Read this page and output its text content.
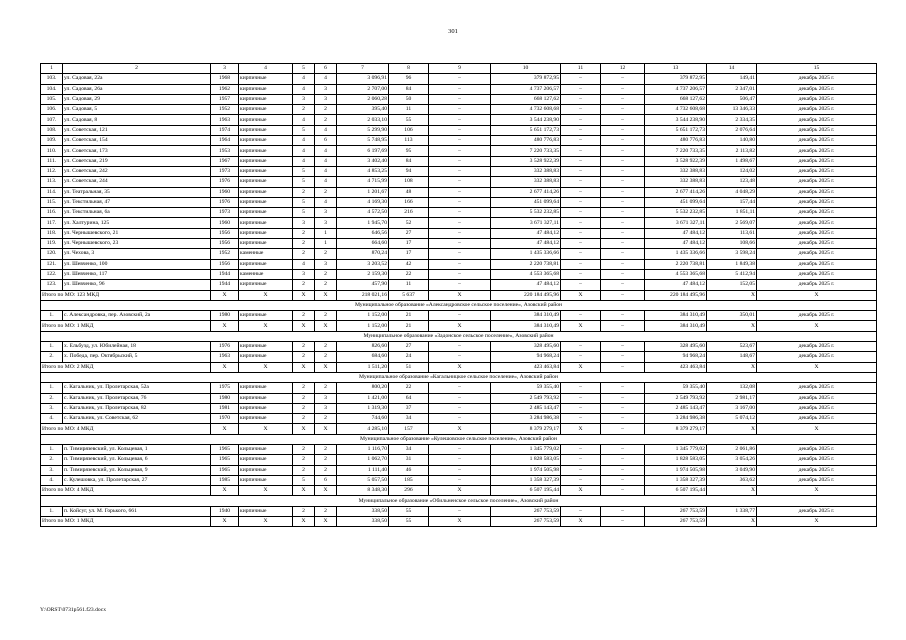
301
1	2	3	4	5	6	7	8	9	10	11	12	13	14	15
103.	ул. Садовая, 22а	1968	кирпичные	4	4	3 096,91	96	–	379 872,95	–	–	379 872,95	149,41	декабрь 2025 г.
104.	ул. Садовая, 26а	1962	кирпичные	4	3	2 707,00	84	–	4 737 206,57	–	–	4 737 206,57	2 347,01	декабрь 2025 г.
105.	ул. Садовая, 29	1957	кирпичные	3	3	2 060,28	50	–	668 127,62	–	–	668 127,62	506,47	декабрь 2025 г.
106.	ул. Садовая, 5	1952	кирпичные	2	2	395,40	11	–	4 732 608,68	–	–	4 732 608,68	13 346,33	декабрь 2025 г.
107.	ул. Садовая, 8	1963	кирпичные	4	2	2 033,10	55	–	3 544 238,90	–	–	3 544 238,90	2 334,35	декабрь 2025 г.
108.	ул. Советская, 121	1974	кирпичные	5	4	5 299,90	106	–	5 651 172,73	–	–	5 651 172,73	2 076,64	декабрь 2025 г.
109.	ул. Советская, 154	1964	кирпичные	4	6	5 748,95	113	–	480 776,83	–	–	480 776,83	140,80	декабрь 2025 г.
110.	ул. Советская, 173	1953	кирпичные	4	4	6 197,69	95	–	7 220 733,35	–	–	7 220 733,35	2 113,82	декабрь 2025 г.
111.	ул. Советская, 219	1967	кирпичные	4	4	3 402,40	84	–	3 528 922,39	–	–	3 528 922,39	1 498,67	декабрь 2025 г.
112.	ул. Советская, 242	1973	кирпичные	5	4	4 853,25	94	–	332 388,83	–	–	332 388,83	124,02	декабрь 2025 г.
113.	ул. Советская, 244	1976	кирпичные	5	4	4 715,99	108	–	332 388,83	–	–	332 388,83	123,48	декабрь 2025 г.
114.	ул. Театральная, 35	1960	кирпичные	2	2	1 201,67	48	–	2 677 414,26	–	–	2 677 414,26	4 048,29	декабрь 2025 г.
115.	ул. Текстильная, 47	1976	кирпичные	5	4	4 169,30	166	–	451 099,64	–	–	451 099,64	157,44	декабрь 2025 г.
116.	ул. Текстильная, 6а	1973	кирпичные	5	3	4 572,50	216	–	5 532 232,85	–	–	5 532 232,85	1 851,11	декабрь 2025 г.
117.	ул. Халтурина, 125	1960	кирпичные	3	3	1 945,70	52	–	3 671 327,11	–	–	3 671 327,11	2 569,07	декабрь 2025 г.
118.	ул. Чернышевского, 21	1956	кирпичные	2	1	646,56	27	–	47 484,12	–	–	47 484,12	113,61	декабрь 2025 г.
119.	ул. Чернышевского, 23	1956	кирпичные	2	1	664,60	17	–	47 484,12	–	–	47 484,12	108,66	декабрь 2025 г.
120.	ул. Чехова, 3	1952	каменные	2	2	870,24	17	–	1 435 336,66	–	–	1 435 336,66	3 598,24	декабрь 2025 г.
121.	ул. Шевченко, 100	1956	кирпичные	4	3	3 203,52	42	–	2 220 738,81	–	–	2 220 738,81	1 849,38	декабрь 2025 г.
122.	ул. Шевченко, 117	1944	каменные	3	2	2 159,30	22	–	4 553 365,68	–	–	4 553 365,68	5 412,94	декабрь 2025 г.
123.	ул. Шевченко, 96	1944	кирпичные	2	2	457,90	11	–	47 484,12	–	–	47 484,12	152,05	декабрь 2025 г.
Итого по МО: 123 МКД		X	X	X	X	218 021,16	5 637	X	220 184 495,96	X	–	220 184 495,96	X	X
Муниципальное образование «Александровское сельское поселение», Азовский район														
1.	с. Александровка, пер. Азовский, 2а	1980	кирпичные	2	2	1 152,00	21	–	384 310,49	–	–	384 310,49	350,01	декабрь 2025 г.
Итого по МО: 1 МКД		X	X	X	X	1 152,00	21	X	384 310,49	X	–	384 310,49	X	X
Муниципальное образование «Задонское сельское поселение», Азовский район														
1.	х. Ельбузд, ул. Юбилейная, 18	1976	кирпичные	2	2	826,60	27	–	328 495,60	–	–	328 495,60	523,67	декабрь 2025 г.
2.	х. Победа, пер. Октябрьский, 5	1963	кирпичные	2	2	684,60	24	–	94 968,24	–	–	94 968,24	148,67	декабрь 2025 г.
Итого по МО: 2 МКД		X	X	X	X	1 511,20	51	X	423 463,84	X	–	423 463,84	X	X
Муниципальное образование «Кагальницкое сельское поселение», Азовский район														
1.	с. Кагальник, ул. Пролетарская, 52а	1975	кирпичные	2	2	800,20	22	–	59 355,40	–	–	59 355,40	132,08	декабрь 2025 г.
2.	с. Кагальник, ул. Пролетарская, 76	1980	кирпичные	2	3	1 421,00	64	–	2 549 793,92	–	–	2 549 793,92	2 981,17	декабрь 2025 г.
3.	с. Кагальник, ул. Пролетарская, 82	1981	кирпичные	2	3	1 319,30	37	–	2 485 143,47	–	–	2 485 143,47	3 167,00	декабрь 2025 г.
4.	с. Кагальник, ул. Советская, 62	1970	кирпичные	2	2	744,60	34	–	3 284 986,38	–	–	3 284 986,38	5 074,12	декабрь 2025 г.
Итого по МО: 4 МКД		X	X	X	X	4 285,10	157	X	8 379 279,17	X	–	8 379 279,17	X	X
Муниципальное образование «Кулешовское сельское поселение», Азовский район														
1.	п. Тимирязевский, ул. Кольцевая, 1	1965	кирпичные	2	2	1 116,70	34	–	1 345 779,02	–	–	1 345 779,02	2 061,86	декабрь 2025 г.
2.	п. Тимирязевский, ул. Кольцевая, 6	1965	кирпичные	2	2	1 062,70	31	–	1 828 583,05	–	–	1 828 583,05	3 054,26	декабрь 2025 г.
3.	п. Тимирязевский, ул. Кольцевая, 9	1965	кирпичные	2	2	1 111,40	46	–	1 974 505,98	–	–	1 974 505,98	3 049,90	декабрь 2025 г.
4.	с. Кулешовка, ул. Пролетарская, 27	1985	кирпичные	5	6	5 057,50	185	–	1 358 327,39	–	–	1 358 327,39	363,62	декабрь 2025 г.
Итого по МО: 4 МКД		X	X	X	X	8 348,30	296	X	6 507 195,44	X	–	6 507 195,44	X	X
Муниципальное образование «Обильненское сельское поселение», Азовский район														
1.	п. Койсуг, ул. М. Горького, 661	1940	кирпичные	2	2	338,50	55	–	267 753,59	–	–	267 753,59	1 338,77	декабрь 2025 г.
Итого по МО: 1 МКД		X	X	X	X	338,50	55	X	267 753,59	X	–	267 753,59	X	X
Y:\ORST\0731p561.f23.docx
